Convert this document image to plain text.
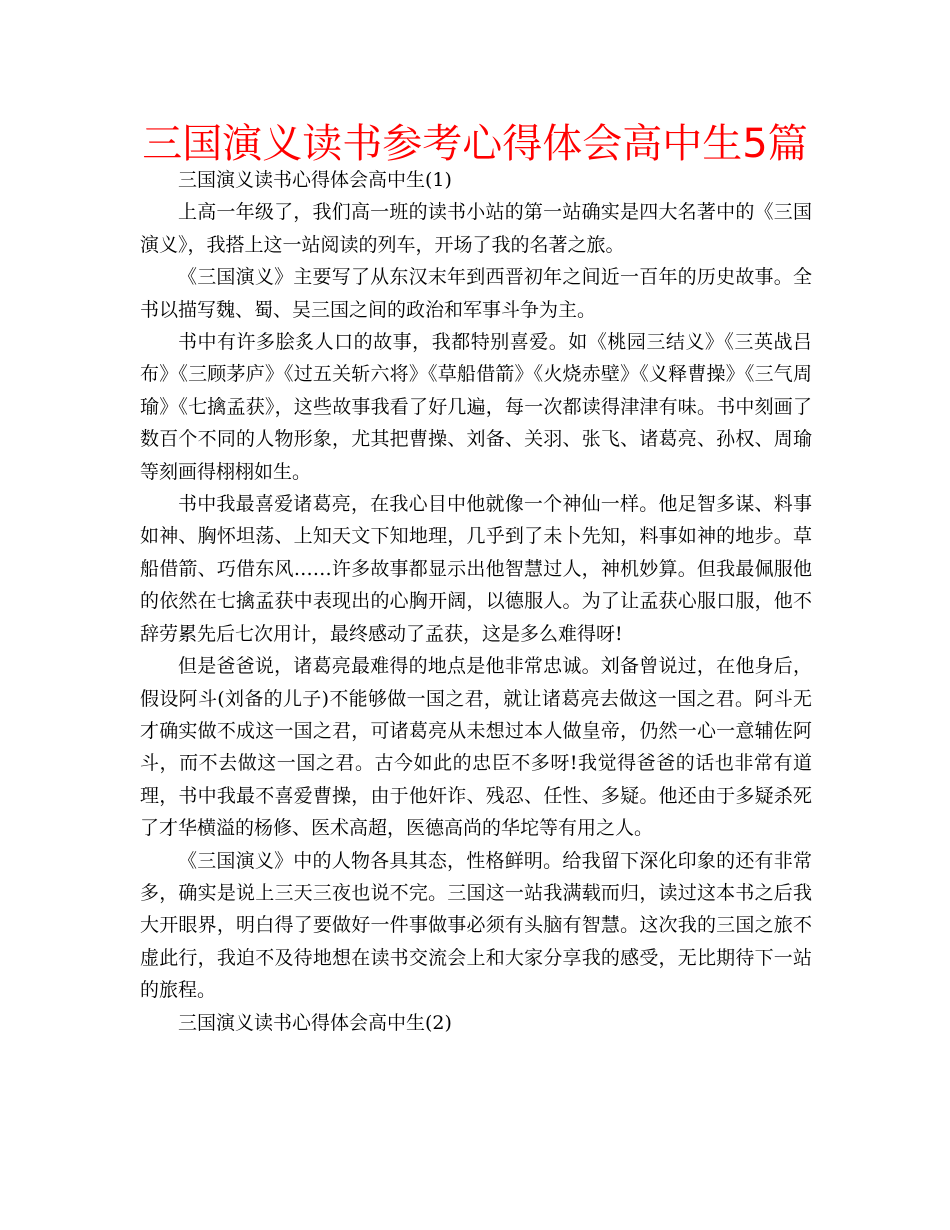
三国演义读书参考心得体会高中生5篇

三国演义读书心得体会高中生(1)

上高一年级了，我们高一班的读书小站的第一站确实是四大名著中的《三国演义》，我搭上这一站阅读的列车，开场了我的名著之旅。

《三国演义》主要写了从东汉末年到西晋初年之间近一百年的历史故事。全书以描写魏、蜀、吴三国之间的政治和军事斗争为主。

书中有许多脍炙人口的故事，我都特别喜爱。如《桃园三结义》《三英战吕布》《三顾茅庐》《过五关斩六将》《草船借箭》《火烧赤壁》《义释曹操》《三气周瑜》《七擒孟获》，这些故事我看了好几遍，每一次都读得津津有味。书中刻画了数百个不同的人物形象，尤其把曹操、刘备、关羽、张飞、诸葛亮、孙权、周瑜等刻画得栩栩如生。

书中我最喜爱诸葛亮，在我心目中他就像一个神仙一样。他足智多谋、料事如神、胸怀坦荡、上知天文下知地理，几乎到了未卜先知，料事如神的地步。草船借箭、巧借东风……许多故事都显示出他智慧过人，神机妙算。但我最佩服他的依然在七擒孟获中表现出的心胸开阔，以德服人。为了让孟获心服口服，他不辞劳累先后七次用计，最终感动了孟获，这是多么难得呀!

但是爸爸说，诸葛亮最难得的地点是他非常忠诚。刘备曾说过，在他身后，假设阿斗(刘备的儿子)不能够做一国之君，就让诸葛亮去做这一国之君。阿斗无才确实做不成这一国之君，可诸葛亮从未想过本人做皇帝，仍然一心一意辅佐阿斗，而不去做这一国之君。古今如此的忠臣不多呀!我觉得爸爸的话也非常有道理，书中我最不喜爱曹操，由于他奸诈、残忍、任性、多疑。他还由于多疑杀死了才华横溢的杨修、医术高超，医德高尚的华坨等有用之人。

《三国演义》中的人物各具其态，性格鲜明。给我留下深化印象的还有非常多，确实是说上三天三夜也说不完。三国这一站我满载而归，读过这本书之后我大开眼界，明白得了要做好一件事做事必须有头脑有智慧。这次我的三国之旅不虚此行，我迫不及待地想在读书交流会上和大家分享我的感受，无比期待下一站的旅程。

三国演义读书心得体会高中生(2)
